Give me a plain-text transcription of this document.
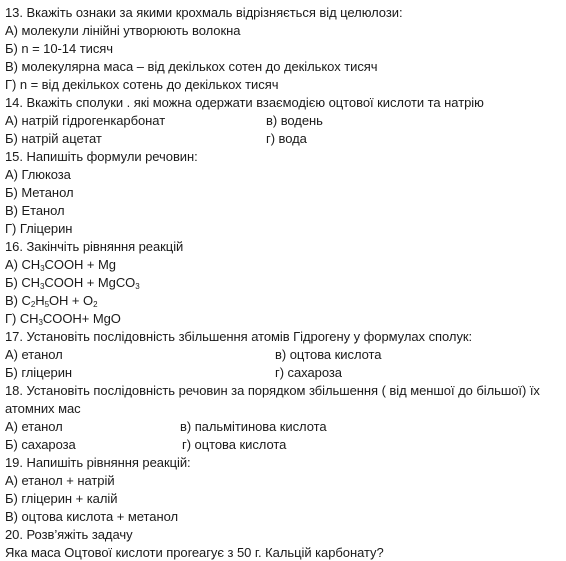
13. Вкажіть ознаки за якими крохмаль відрізняється від целюлози:
А) молекули лінійні утворюють волокна
Б) n = 10-14 тисяч
В) молекулярна маса – від декількох сотен до декількох тисяч
Г) n = від декількох сотень до декількох тисяч
14. Вкажіть сполуки . які можна одержати взаємодією оцтової кислоти та натрію
А) натрій гідрогенкарбонат	в) водень
Б) натрій ацетат	г) вода
15. Напишіть формули речовин:
А) Глюкоза
Б) Метанол
В) Етанол
Г) Гліцерин
16. Закінчіть рівняння реакцій
А) $CH_3COOH + Mg$
Б) $CH_3COOH$ + MgCO$_3$
В) $C_2H_5OH + O_2$
Г) $CH_3COOH+$ MgO
17. Установіть послідовність збільшення атомів Гідрогену у формулах сполук:
А) етанол	в) оцтова кислота
Б) гліцерин	г) сахароза
18. Установіть послідовність речовин за порядком збільшення ( від меншої до більшої) їх
атомних мас
А) етанол	в) пальмітинова кислота
Б) сахароза	г) оцтова кислота
19. Напишіть рівняння реакцій:
А) етанол + натрій
Б) гліцерин + калій
В) оцтова кислота + метанол
20. Розв’яжіть задачу
Яка маса Оцтової кислоти проreагує з 50 г. Кальцій карбонату?
